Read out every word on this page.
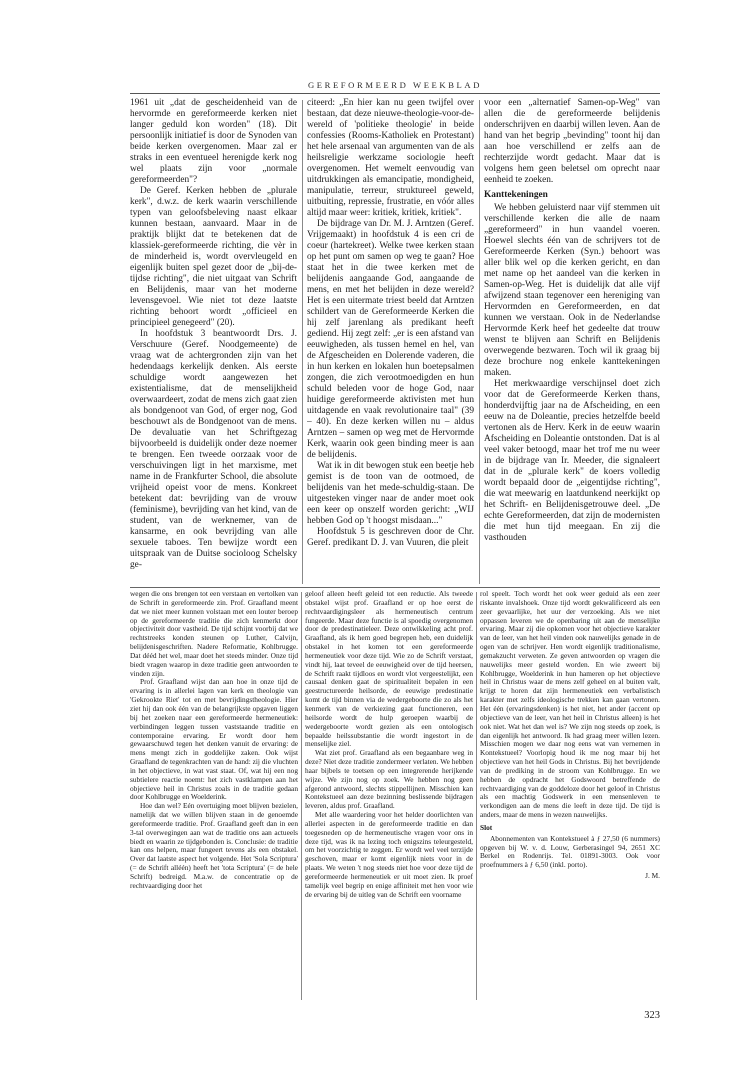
GEREFORMEERD WEEKBLAD

1961 uit „dat de gescheidenheid van de hervormde en gereformeerde kerken niet langer geduld kon worden" (18). Dit persoonlijk initiatief is door de Synoden van beide kerken overgenomen. Maar zal er straks in een eventueel herenigde kerk nog wel plaats zijn voor „normale gereformeerden"?

De Geref. Kerken hebben de „plurale kerk", d.w.z. de kerk waarin verschillende typen van geloofsbeleving naast elkaar kunnen bestaan, aanvaard. Maar in de praktijk blijkt dat te betekenen dat de klassiek-gereformeerde richting, die vèr in de minderheid is, wordt overvleugeld en eigenlijk buiten spel gezet door de „bij-de-tijdse richting", die niet uitgaat van Schrift en Belijdenis, maar van het moderne levensgevoel. Wie niet tot deze laatste richting behoort wordt „officieel en principieel genegeerd" (20).

In hoofdstuk 3 beantwoordt Drs. J. Verschuure (Geref. Noodgemeente) de vraag wat de achtergronden zijn van het hedendaags kerkelijk denken. Als eerste schuldige wordt aangewezen het existentialisme, dat de menselijkheid overwaardeert, zodat de mens zich gaat zien als bondgenoot van God, of erger nog, God beschouwt als de Bondgenoot van de mens. De devaluatie van het Schriftgezag bijvoorbeeld is duidelijk onder deze noemer te brengen. Een tweede oorzaak voor de verschuivingen ligt in het marxisme, met name in de Frankfurter School, die absolute vrijheid opeist voor de mens. Konkreet betekent dat: bevrijding van de vrouw (feminisme), bevrijding van het kind, van de student, van de werknemer, van de kansarme, en ook bevrijding van alle sexuele taboes. Ten bewijze wordt een uitspraak van de Duitse socioloog Schelsky ge-

citeerd: „En hier kan nu geen twijfel over bestaan, dat deze nieuwe-theologie-voor-de-wereld of 'politieke theologie' in beide confessies (Rooms-Katholiek en Protestant) het hele arsenaal van argumenten van de als heilsreligie werkzame sociologie heeft overgenomen. Het wemelt eenvoudig van uitdrukkingen als emancipatie, mondigheid, manipulatie, terreur, struktureel geweld, uitbuiting, repressie, frustratie, en vóór alles altijd maar weer: kritiek, kritiek, kritiek".

De bijdrage van Dr. M. J. Arntzen (Geref. Vrijgemaakt) in hoofdstuk 4 is een cri de coeur (hartekreet). Welke twee kerken staan op het punt om samen op weg te gaan? Hoe staat het in die twee kerken met de belijdenis aangaande God, aangaande de mens, en met het belijden in deze wereld? Het is een uitermate triest beeld dat Arntzen schildert van de Gereformeerde Kerken die hij zelf jarenlang als predikant heeft gediend. Hij zegt zelf: „er is een afstand van eeuwigheden, als tussen hemel en hel, van de Afgescheiden en Dolerende vaderen, die in hun kerken en lokalen hun boetepsalmen zongen, die zich verootmoedigden en hun schuld beleden voor de hoge God, naar huidige gereformeerde aktivisten met hun uitdagende en vaak revolutionaire taal" (39 – 40). En deze kerken willen nu – aldus Arntzen – samen op weg met de Hervormde Kerk, waarin ook geen binding meer is aan de belijdenis.

Wat ik in dit bewogen stuk een beetje heb gemist is de toon van de ootmoed, de belijdenis van het mede-schuldig-staan. De uitgesteken vinger naar de ander moet ook een keer op onszelf worden gericht: „WIJ hebben God op 't hoogst misdaan..."

Hoofdstuk 5 is geschreven door de Chr. Geref. predikant D. J. van Vuuren, die pleit

voor een „alternatief Samen-op-Weg" van allen die de gereformeerde belijdenis onderschrijven en daarbij willen leven. Aan de hand van het begrip „bevinding" toont hij dan aan hoe verschillend er zelfs aan de rechterzijde wordt gedacht. Maar dat is volgens hem geen beletsel om oprecht naar eenheid te zoeken.

Kanttekeningen

We hebben geluisterd naar vijf stemmen uit verschillende kerken die alle de naam „gereformeerd" in hun vaandel voeren. Hoewel slechts één van de schrijvers tot de Gereformeerde Kerken (Syn.) behoort was aller blik wel op die kerken gericht, en dan met name op het aandeel van die kerken in Samen-op-Weg. Het is duidelijk dat alle vijf afwijzend staan tegenover een hereniging van Hervormden en Gereformeerden, en dat kunnen we verstaan. Ook in de Nederlandse Hervormde Kerk heef het gedeelte dat trouw wenst te blijven aan Schrift en Belijdenis overwegende bezwaren. Toch wil ik graag bij deze brochure nog enkele kanttekeningen maken.

Het merkwaardige verschijnsel doet zich voor dat de Gereformeerde Kerken thans, honderdvijftig jaar na de Afscheiding, en een eeuw na de Doleantie, precies hetzelfde beeld vertonen als de Herv. Kerk in de eeuw waarin Afscheiding en Doleantie ontstonden. Dat is al veel vaker betoogd, maar het trof me nu weer in de bijdrage van Ir. Meeder, die signaleert dat in de „plurale kerk" de koers volledig wordt bepaald door de „eigentijdse richting", die wat meewarig en laatdunkend neerkijkt op het Schrift- en Belijdenisgetrouwe deel. „De echte Gereformeerden, dat zijn de modernisten die met hun tijd meegaan. En zij die vasthouden

wegen die ons brengen tot een verstaan en vertolken van de Schrift in gereformeerde zin. Prof. Graafland meent dat we niet meer kunnen volstaan met een louter beroep op de gereformeerde traditie die zich kenmerkt door objectiviteit door vastheid. De tijd schijnt voorbij dat we rechtstreeks konden steunen op Luther, Calvijn, belijdenisgeschriften. Nadere Reformatie, Kohlbrugge. Dat dééd het wel, maar doet het steeds minder. Onze tijd biedt vragen waarop in deze traditie geen antwoorden te vinden zijn.

Prof. Graafland wijst dan aan hoe in onze tijd de ervaring is in allerlei lagen van kerk en theologie van 'Gekrookte Riet' tot en met bevrijdingstheologie. Hier ziet hij dan ook één van de belangrijkste opgaven liggen bij het zoeken naar een gereformeerde hermeneutiek: verbindingen leggen tussen vaststaande traditie en contemporaine ervaring. Er wordt door hem gewaarschuwd tegen het denken vanuit de ervaring: de mens mengt zich in goddelijke zaken. Ook wijst Graafland de tegenkrachten van de hand: zij die vluchten in het objectieve, in wat vast staat. Of, wat hij een nog subtielere reactie noemt: het zich vastklampen aan het objectieve heil in Christus zoals in de traditie gedaan door Kohlbrugge en Woelderink.

Hoe dan wel? Eén overtuiging moet blijven bezielen, namelijk dat we willen blijven staan in de genoemde gereformeerde traditie. Prof. Graafland geeft dan in een 3-tal overwegingen aan wat de traditie ons aan actueels biedt en waarin ze tijdgebonden is. Conclusie: de traditie kan ons helpen, maar fungeert tevens als een obstakel. Over dat laatste aspect het volgende. Het 'Sola Scriptura' (= de Schrift alléén) heeft het 'tota Scriptura' (= de hele Schrift) bedreigd. M.a.w. de concentratie op de rechtvaardiging door het

geloof alleen heeft geleid tot een reductie. Als tweede obstakel wijst prof. Graafland er op hoe eerst de rechtvaardigingsleer als hermeneutisch centrum fungeerde. Maar deze functie is al spoedig overgenomen door de predestinatieleer. Deze ontwikkeling acht prof. Graafland, als ik hem goed begrepen heb, een duidelijk obstakel in het komen tot een gereformeerde hermeneutiek voor deze tijd. Wie zo de Schrift verstaat, vindt hij, laat teveel de eeuwigheid over de tijd heersen, de Schrift raakt tijdloos en wordt vlot vergeestelijkt, een causaal denken gaat de spiritualiteit bepalen in een geestructureerde heilsorde, de eeuwige predestinatie komt de tijd binnen via de wedergeboorte die zo als het kenmerk van de verkiezing gaat functioneren, een heilsorde wordt de hulp geroepen waarbij de wedergeboorte wordt gezien als een ontologisch bepaalde heilssubstantie die wordt ingestort in de menselijke ziel.

Wat ziet prof. Graafland als een begaanbare weg in deze? Niet deze traditie zondermeer verlaten. We hebben haar bijbels te toetsen op een integrerende herijkende wijze. We zijn nog op zoek. We hebben nog geen afgerond antwoord, slechts stippellijnen. Misschien kan Kontekstueel aan deze bezinning beslissende bijdragen leveren, aldus prof. Graafland.

Met alle waardering voor het helder doorlichten van allerlei aspecten in de gereformeerde traditie en dan toegesneden op de hermeneutische vragen voor ons in deze tijd, was ik na lezing toch enigszins teleurgesteld, om het voorzichtig te zeggen. Er wordt wel veel terzijde geschoven, maar er komt eigenlijk niets voor in de plaats. We weten 't nog steeds niet hoe voor deze tijd de gereformeerde hermeneutiek er uit moet zien. Ik proef tamelijk veel begrip en enige affiniteit met hen voor wie de ervaring bij de uitleg van de Schrift een voorname

rol speelt. Toch wordt het ook weer geduid als een zeer riskante invalshoek. Onze tijd wordt gekwalificeerd als een zeer gevaarlijke, het uur der verzoeking. Als we niet oppassen leveren we de openbaring uit aan de menselijke ervaring. Maar zij die opkomen voor het objectieve karakter van de leer, van het heil vinden ook nauwelijks genade in de ogen van de schrijver. Hen wordt eigenlijk traditionalisme, gemakzucht verweten. Ze geven antwoorden op vragen die nauwelijks meer gesteld worden. En wie zweert bij Kohlbrugge, Woelderink in hun hameren op het objectieve heil in Christus waar de mens zelf geheel en al buiten valt, krijgt te horen dat zijn hermeneutiek een verbalistisch karakter met zelfs ideologische trekken kan gaan vertonen. Het één (ervaringsdenken) is het niet, het ander (accent op objectieve van de leer, van het heil in Christus alleen) is het ook niet. Wat het dan wel is? We zijn nog steeds op zoek, is dan eigenlijk het antwoord. Ik had graag meer willen lezen. Misschien mogen we daar nog eens wat van vernemen in Kontekstueel? Voorlopig houd ik me nog maar bij het objectieve van het heil Gods in Christus. Bij het bevrijdende van de prediking in de stroom van Kohlbrugge. En we hebben de opdracht het Godswoord betreffende de rechtvaardiging van de goddeloze door het geloof in Christus als een machtig Godswerk in een mensenleven te verkondigen aan de mens die leeft in deze tijd. De tijd is anders, maar de mens in wezen nauwelijks.

Slot

Abonnementen van Kontekstueel à ƒ 27,50 (6 nummers) opgeven bij W. v. d. Louw, Gerberasingel 94, 2651 XC Berkel en Rodenrijs. Tel. 01891-3003. Ook voor proefnummers à ƒ 6,50 (inkl. porto).

J. M.

323
